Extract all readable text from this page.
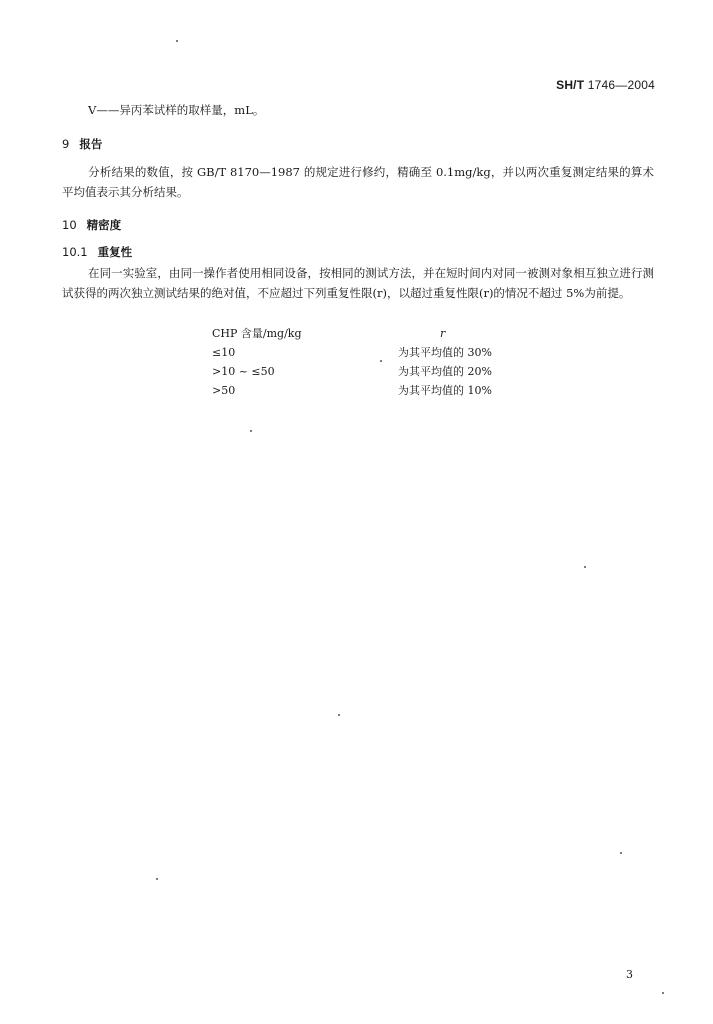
SH/T 1746—2004
V——异丙苯试样的取样量，mL。
9 报告
分析结果的数值，按 GB/T 8170—1987 的规定进行修约，精确至 0.1mg/kg，并以两次重复测定结果的算术平均值表示其分析结果。
10 精密度
10.1 重复性
在同一实验室，由同一操作者使用相同设备，按相同的测试方法，并在短时间内对同一被测对象相互独立进行测试获得的两次独立测试结果的绝对值，不应超过下列重复性限(r)，以超过重复性限(r)的情况不超过 5%为前提。
CHP 含量/mg/kg	r
≤10	为其平均值的 30%
>10 ~ ≤50	为其平均值的 20%
>50	为其平均值的 10%
3
